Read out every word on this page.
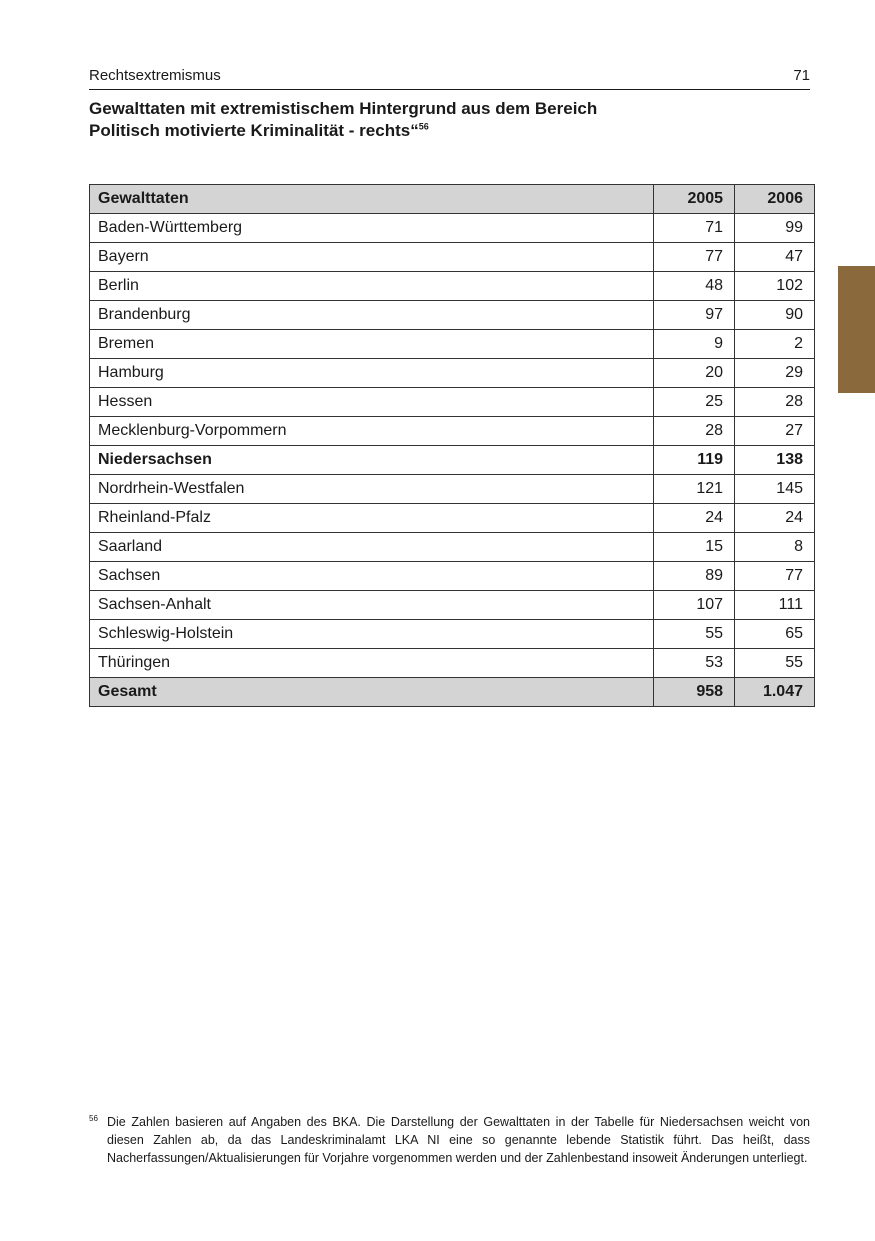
Rechtsextremismus	71
Gewalttaten mit extremistischem Hintergrund aus dem Bereich
Politisch motivierte Kriminalität - rechts“$^{56}$
Gewalttaten	2005	2006
Baden-Württemberg	71	99
Bayern	77	47
Berlin	48	102
Brandenburg	97	90
Bremen	9	2
Hamburg	20	29
Hessen	25	28
Mecklenburg-Vorpommern	28	27
Niedersachsen	119	138
Nordrhein-Westfalen	121	145
Rheinland-Pfalz	24	24
Saarland	15	8
Sachsen	89	77
Sachsen-Anhalt	107	111
Schleswig-Holstein	55	65
Thüringen	53	55
Gesamt	958	1.047
56 Die Zahlen basieren auf Angaben des BKA. Die Darstellung der Gewalttaten in der Tabelle für Niedersachsen weicht von diesen Zahlen ab, da das Landeskriminalamt LKA NI eine so genannte lebende Statistik führt. Das heißt, dass Nacherfassungen/Aktualisierungen für Vorjahre vorgenommen werden und der Zahlenbestand insoweit Änderungen unterliegt.
